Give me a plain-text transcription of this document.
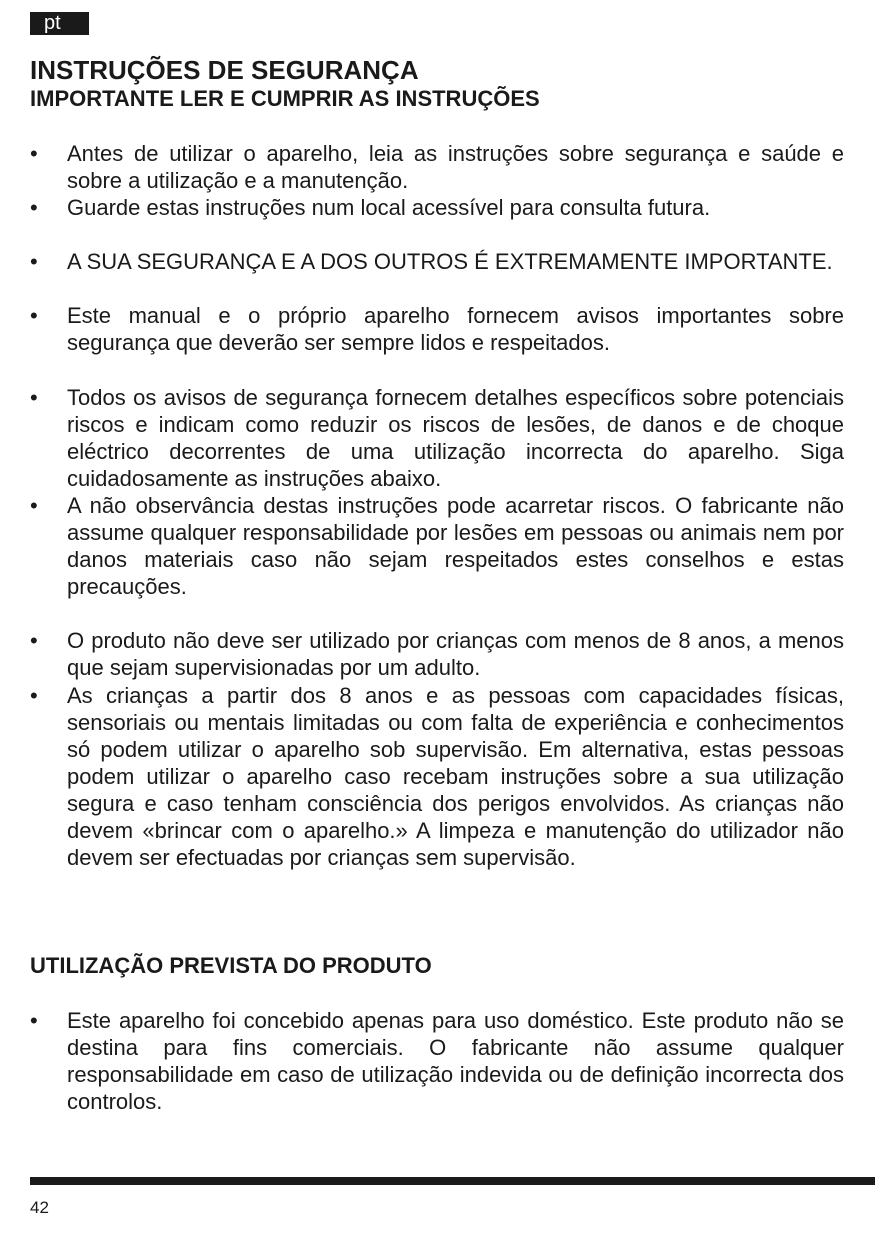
pt
INSTRUÇÕES DE SEGURANÇA
IMPORTANTE LER E CUMPRIR AS INSTRUÇÕES
• Antes de utilizar o aparelho, leia as instruções sobre segurança e saúde e sobre a utilização e a manutenção.
• Guarde estas instruções num local acessível para consulta futura.
• A SUA SEGURANÇA E A DOS OUTROS É EXTREMAMENTE IMPORTANTE.
• Este manual e o próprio aparelho fornecem avisos importantes sobre segurança que deverão ser sempre lidos e respeitados.
• Todos os avisos de segurança fornecem detalhes específicos sobre potenciais riscos e indicam como reduzir os riscos de lesões, de danos e de choque eléctrico decorrentes de uma utilização incorrecta do aparelho. Siga cuidadosamente as instruções abaixo.
• A não observância destas instruções pode acarretar riscos. O fabricante não assume qualquer responsabilidade por lesões em pessoas ou animais nem por danos materiais caso não sejam respeitados estes conselhos e estas precauções.
• O produto não deve ser utilizado por crianças com menos de 8 anos, a menos que sejam supervisionadas por um adulto.
• As crianças a partir dos 8 anos e as pessoas com capacidades físicas, sensoriais ou mentais limitadas ou com falta de experiência e conhecimentos só podem utilizar o aparelho sob supervisão. Em alternativa, estas pessoas podem utilizar o aparelho caso recebam instruções sobre a sua utilização segura e caso tenham consciência dos perigos envolvidos. As crianças não devem «brincar com o aparelho.» A limpeza e manutenção do utilizador não devem ser efectuadas por crianças sem supervisão.
UTILIZAÇÃO PREVISTA DO PRODUTO
• Este aparelho foi concebido apenas para uso doméstico. Este produto não se destina para fins comerciais. O fabricante não assume qualquer responsabilidade em caso de utilização indevida ou de definição incorrecta dos controlos.
42
